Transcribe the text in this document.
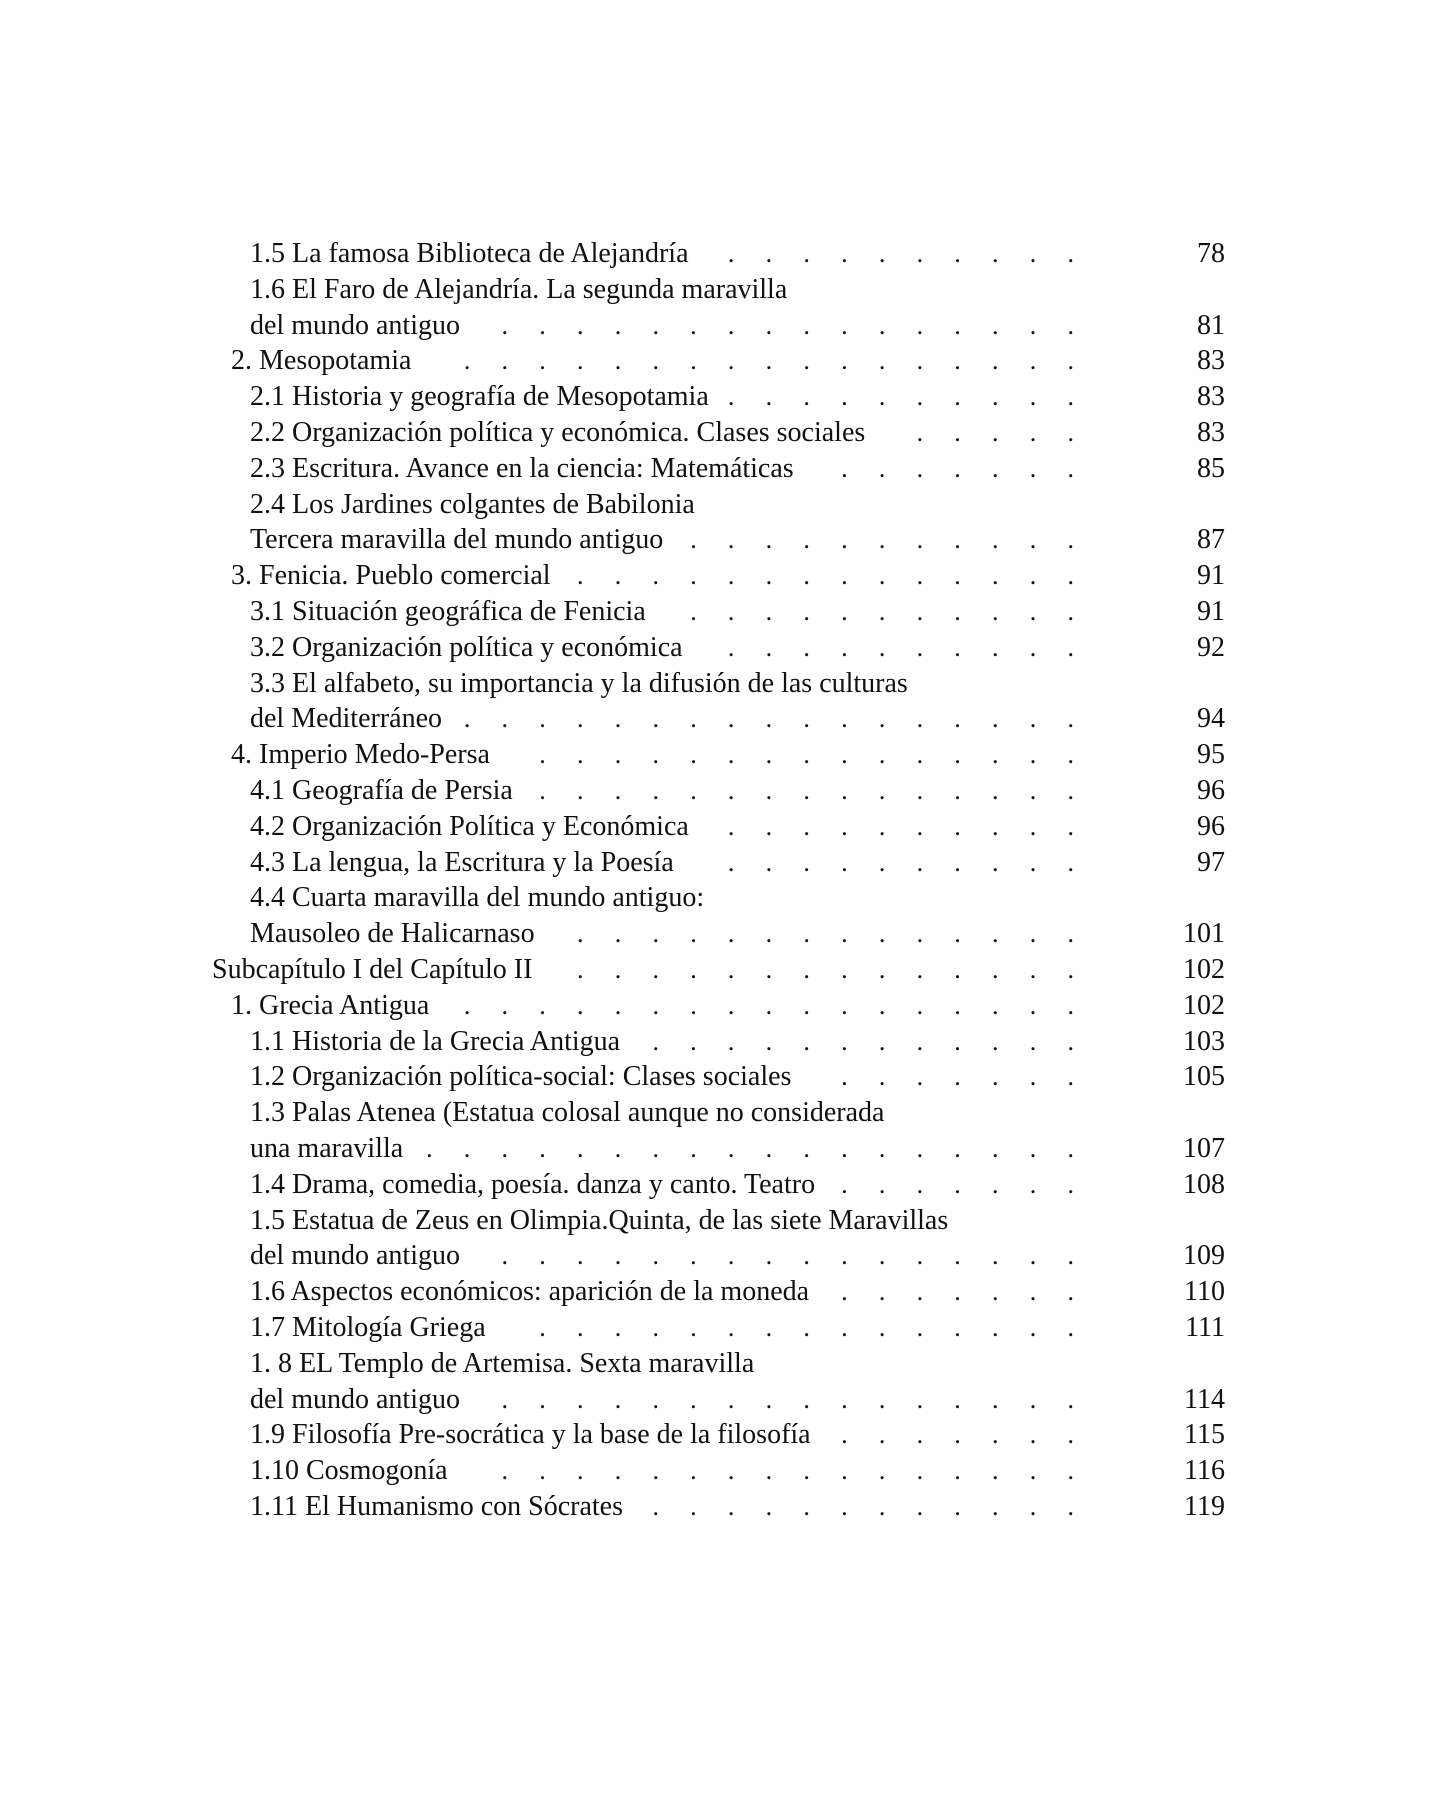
1.5 La famosa Biblioteca de Alejandría	.      .      .      .      .      .      .      .      .      .	78
1.6 El Faro de Alejandría. La segunda maravilla
del mundo antiguo	.      .      .      .      .      .      .      .      .      .      .      .      .      .      .      .	81
2. Mesopotamia	.      .      .      .      .      .      .      .      .      .      .      .      .      .      .      .      .	83
2.1 Historia y geografía de Mesopotamia .      .      .      .      .      .      .      .      .      .	83
2.2 Organización política y económica. Clases sociales	.      .      .      .      .	83
2.3 Escritura. Avance en la ciencia: Matemáticas	.      .      .      .      .      .      .	85
2.4 Los Jardines colgantes de Babilonia
Tercera maravilla del mundo antiguo	.      .      .      .      .      .      .      .      .      .      .	87
3. Fenicia. Pueblo comercial	.      .      .      .      .      .      .      .      .      .      .      .      .      .	91
3.1 Situación geográfica de Fenicia	.      .      .      .      .      .      .      .      .      .      .	91
3.2 Organización política y económica	.      .      .      .      .      .      .      .      .      .	92
3.3 El alfabeto, su importancia y la difusión de las culturas
del Mediterráneo .      .      .      .      .      .      .      .      .      .      .      .      .      .      .      .      .	94
4. Imperio Medo-Persa	.      .      .      .      .      .      .      .      .      .      .      .      .      .      .	95
4.1 Geografía de Persia	.      .      .      .      .      .      .      .      .      .      .      .      .      .      .	96
4.2 Organización Política y Económica	.      .      .      .      .      .      .      .      .      .	96
4.3 La lengua, la Escritura y la Poesía	.      .      .      .      .      .      .      .      .      .	97
4.4 Cuarta maravilla del mundo antiguo:
Mausoleo de Halicarnaso	.      .      .      .      .      .      .      .      .      .      .      .      .      .	101
Subcapítulo I del Capítulo II	.      .      .      .      .      .      .      .      .      .      .      .      .      .	102
1. Grecia Antigua	.      .      .      .      .      .      .      .      .      .      .      .      .      .      .      .      .	102
1.1 Historia de la Grecia Antigua	.      .      .      .      .      .      .      .      .      .      .      .	103
1.2 Organización política-social: Clases sociales	.      .      .      .      .      .      .	105
1.3 Palas Atenea (Estatua colosal aunque no considerada
una maravilla .      .      .      .      .      .      .      .      .      .      .      .      .      .      .      .      .      .	107
1.4 Drama, comedia, poesía. danza y canto. Teatro	.      .      .      .      .      .      .	108
1.5 Estatua de Zeus en Olimpia.Quinta, de las siete Maravillas
del mundo antiguo	.      .      .      .      .      .      .      .      .      .      .      .      .      .      .      .	109
1.6 Aspectos económicos: aparición de la moneda	.      .      .      .      .      .      .	110
1.7 Mitología Griega	.      .      .      .      .      .      .      .      .      .      .      .      .      .      .	111
1. 8 EL Templo de Artemisa. Sexta maravilla
del mundo antiguo	.      .      .      .      .      .      .      .      .      .      .      .      .      .      .      .	114
1.9 Filosofía Pre-socrática y la base de la filosofía	.      .      .      .      .      .      .	115
1.10 Cosmogonía	.      .      .      .      .      .      .      .      .      .      .      .      .      .      .      .	116
1.11 El Humanismo con Sócrates	.      .      .      .      .      .      .      .      .      .      .      .	119
